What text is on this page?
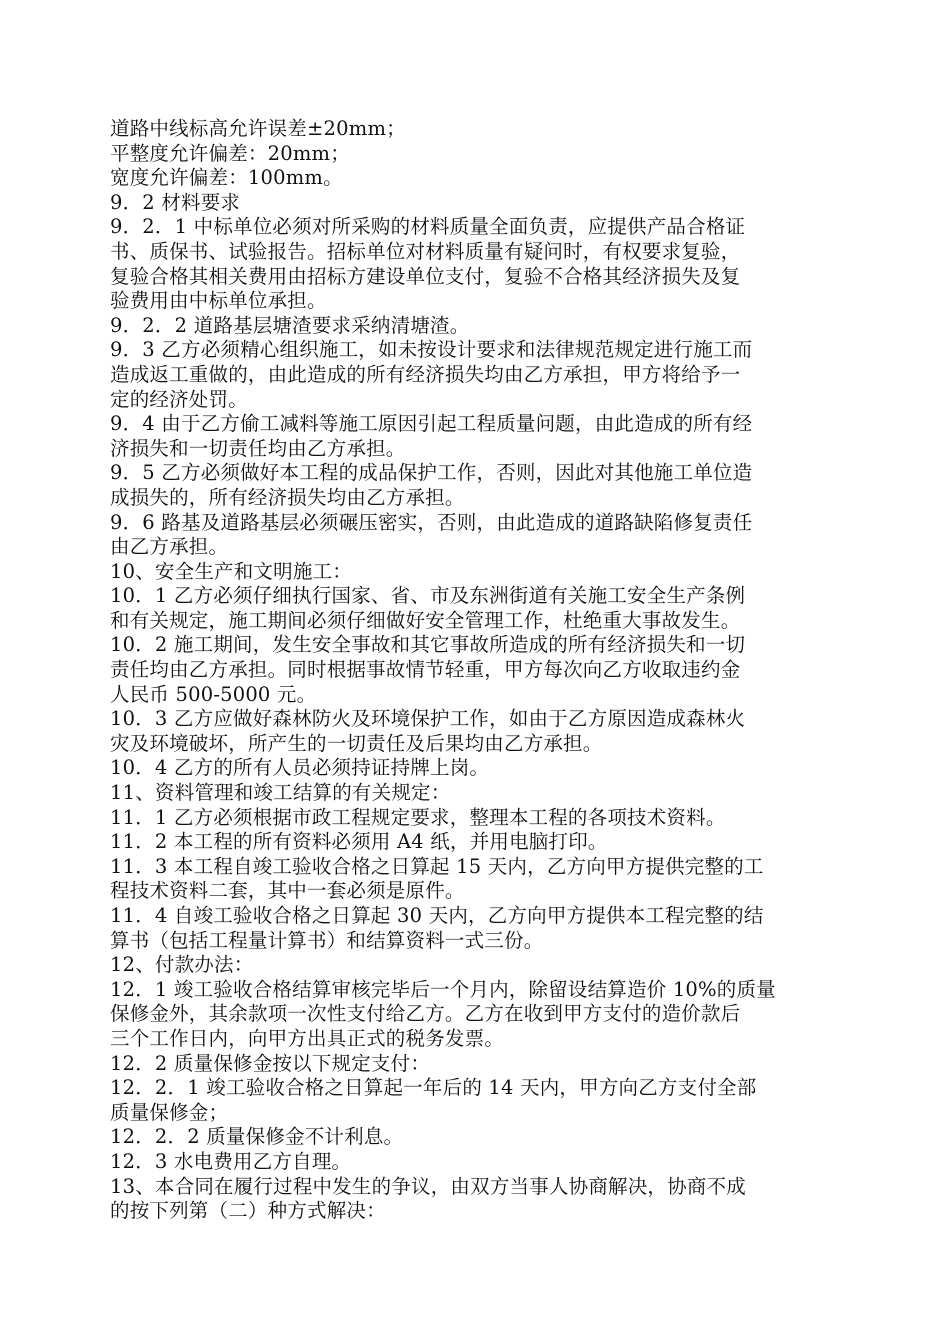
道路中线标高允许误差±20mm；
平整度允许偏差：20mm；
宽度允许偏差：100mm。
9．2 材料要求
9．2．1 中标单位必须对所采购的材料质量全面负责，应提供产品合格证
书、质保书、试验报告。招标单位对材料质量有疑问时，有权要求复验，
复验合格其相关费用由招标方建设单位支付，复验不合格其经济损失及复
验费用由中标单位承担。
9．2．2 道路基层塘渣要求采纳清塘渣。
9．3 乙方必须精心组织施工，如未按设计要求和法律规范规定进行施工而
造成返工重做的，由此造成的所有经济损失均由乙方承担，甲方将给予一
定的经济处罚。
9．4 由于乙方偷工减料等施工原因引起工程质量问题，由此造成的所有经
济损失和一切责任均由乙方承担。
9．5 乙方必须做好本工程的成品保护工作，否则，因此对其他施工单位造
成损失的，所有经济损失均由乙方承担。
9．6 路基及道路基层必须碾压密实，否则，由此造成的道路缺陷修复责任
由乙方承担。
10、安全生产和文明施工：
10．1 乙方必须仔细执行国家、省、市及东洲街道有关施工安全生产条例
和有关规定，施工期间必须仔细做好安全管理工作，杜绝重大事故发生。
10．2 施工期间，发生安全事故和其它事故所造成的所有经济损失和一切
责任均由乙方承担。同时根据事故情节轻重，甲方每次向乙方收取违约金
人民币 500-5000 元。
10．3 乙方应做好森林防火及环境保护工作，如由于乙方原因造成森林火
灾及环境破坏，所产生的一切责任及后果均由乙方承担。
10．4 乙方的所有人员必须持证持牌上岗。
11、资料管理和竣工结算的有关规定：
11．1 乙方必须根据市政工程规定要求，整理本工程的各项技术资料。
11．2 本工程的所有资料必须用 A4 纸，并用电脑打印。
11．3 本工程自竣工验收合格之日算起 15 天内，乙方向甲方提供完整的工
程技术资料二套，其中一套必须是原件。
11．4 自竣工验收合格之日算起 30 天内，乙方向甲方提供本工程完整的结
算书（包括工程量计算书）和结算资料一式三份。
12、付款办法：
12．1 竣工验收合格结算审核完毕后一个月内，除留设结算造价 10%的质量
保修金外，其余款项一次性支付给乙方。乙方在收到甲方支付的造价款后
三个工作日内，向甲方出具正式的税务发票。
12．2 质量保修金按以下规定支付：
12．2．1 竣工验收合格之日算起一年后的 14 天内，甲方向乙方支付全部
质量保修金；
12．2．2 质量保修金不计利息。
12．3 水电费用乙方自理。
13、本合同在履行过程中发生的争议，由双方当事人协商解决，协商不成
的按下列第（二）种方式解决：
